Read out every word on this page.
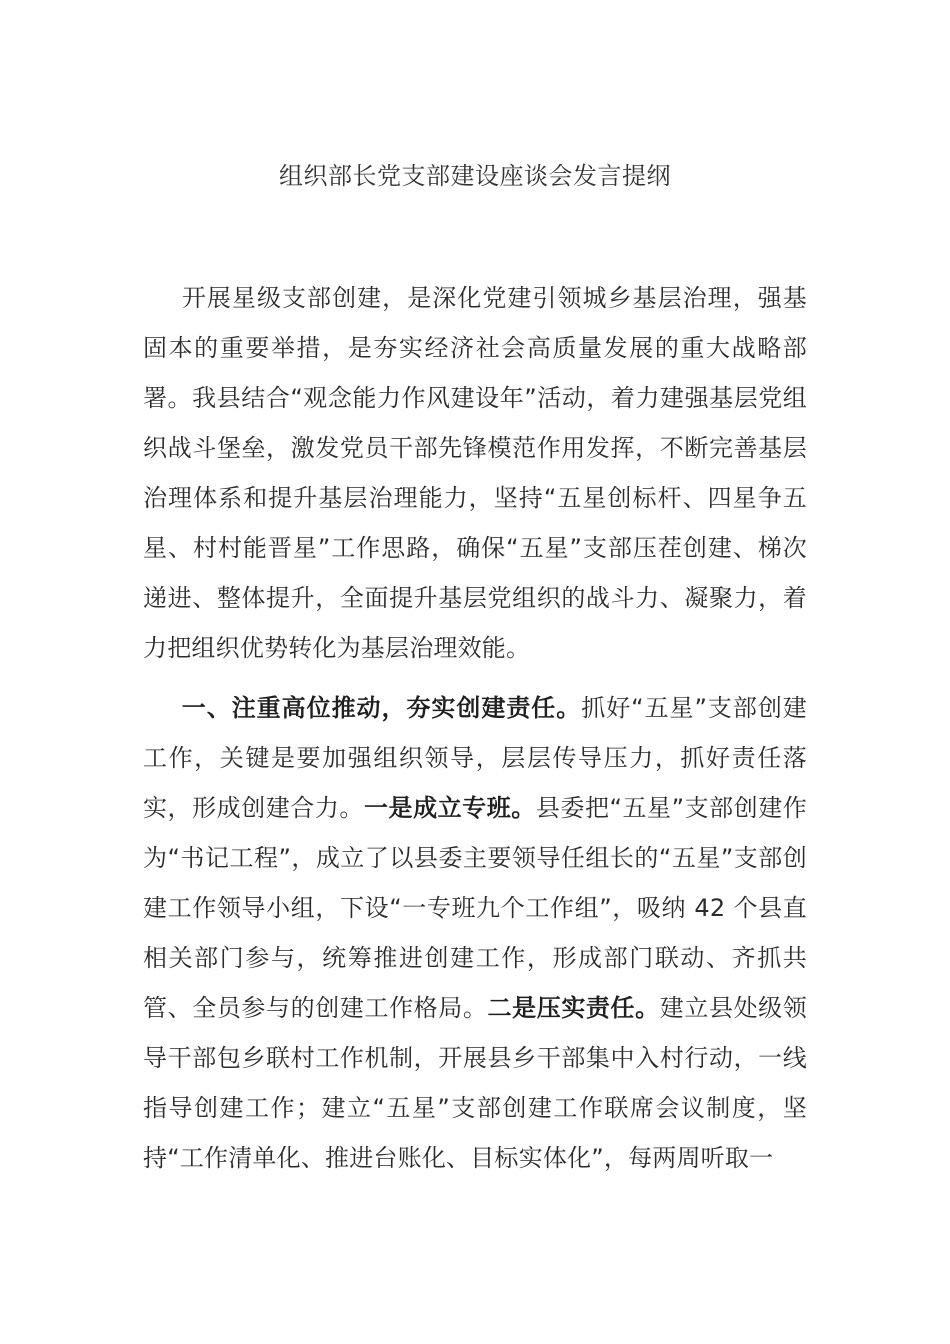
组织部长党支部建设座谈会发言提纲
开展星级支部创建，是深化党建引领城乡基层治理，强基固本的重要举措，是夯实经济社会高质量发展的重大战略部署。我县结合“观念能力作风建设年”活动，着力建强基层党组织战斗堡垒，激发党员干部先锋模范作用发挥，不断完善基层治理体系和提升基层治理能力，坚持“五星创标杆、四星争五星、村村能晋星”工作思路，确保“五星”支部压茬创建、梯次递进、整体提升，全面提升基层党组织的战斗力、凝聚力，着力把组织优势转化为基层治理效能。
一、注重高位推动，夯实创建责任。抓好“五星”支部创建工作，关键是要加强组织领导，层层传导压力，抓好责任落实，形成创建合力。一是成立专班。县委把“五星”支部创建作为“书记工程”，成立了以县委主要领导任组长的“五星”支部创建工作领导小组，下设“一专班九个工作组”，吸纳 42 个县直相关部门参与，统筹推进创建工作，形成部门联动、齐抓共管、全员参与的创建工作格局。二是压实责任。建立县处级领导干部包乡联村工作机制，开展县乡干部集中入村行动，一线指导创建工作；建立“五星”支部创建工作联席会议制度，坚持“工作清单化、推进台账化、目标实体化”，每两周听取一
